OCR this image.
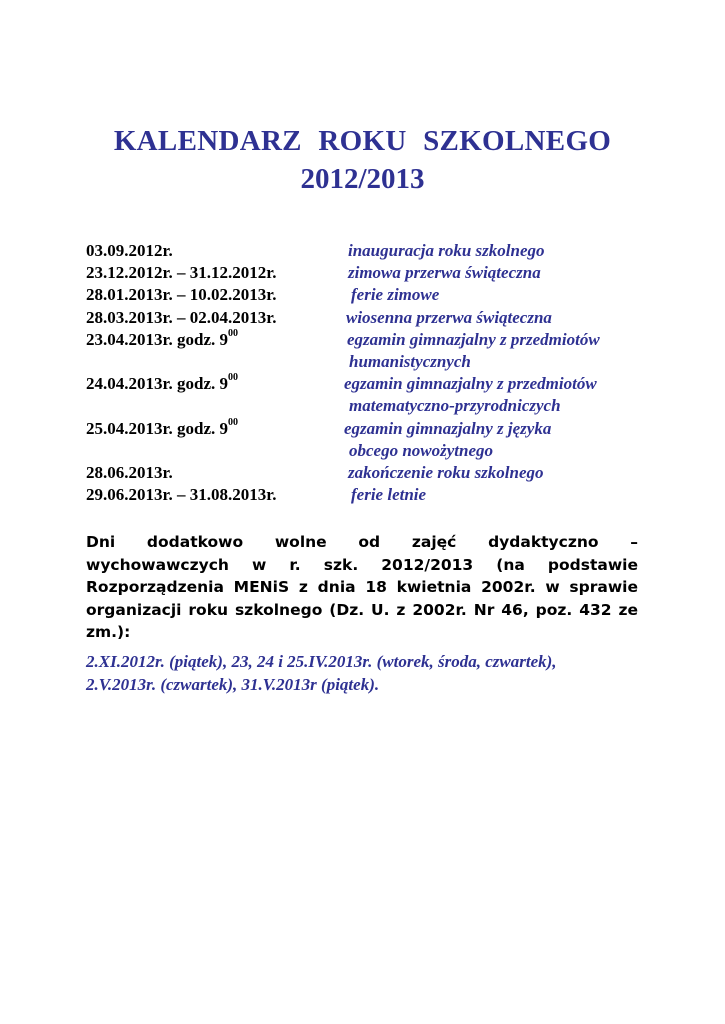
KALENDARZ ROKU SZKOLNEGO
2012/2013
03.09.2012r.	inauguracja roku szkolnego
23.12.2012r. – 31.12.2012r.	zimowa przerwa świąteczna
28.01.2013r. – 10.02.2013r.	ferie zimowe
28.03.2013r. – 02.04.2013r.	wiosenna przerwa świąteczna
23.04.2013r. godz. $9^{00}$	egzamin gimnazjalny z przedmiotów
humanistycznych
24.04.2013r. godz. $9^{00}$	egzamin gimnazjalny z przedmiotów
matematyczno-przyrodniczych
25.04.2013r. godz. $9^{00}$	egzamin gimnazjalny z języka
obcego nowożytnego
28.06.2013r.	zakończenie roku szkolnego
29.06.2013r. – 31.08.2013r.	ferie letnie

Dni dodatkowo wolne od zajęć dydaktyczno –
wychowawczych w r. szk. 2012/2013 (na podstawie
Rozporządzenia MENiS z dnia 18 kwietnia 2002r. w sprawie
organizacji roku szkolnego (Dz. U. z 2002r. Nr 46, poz. 432 ze
zm.):

2.XI.2012r. (piątek), 23, 24 i 25.IV.2013r. (wtorek, środa, czwartek),
2.V.2013r. (czwartek), 31.V.2013r (piątek).
